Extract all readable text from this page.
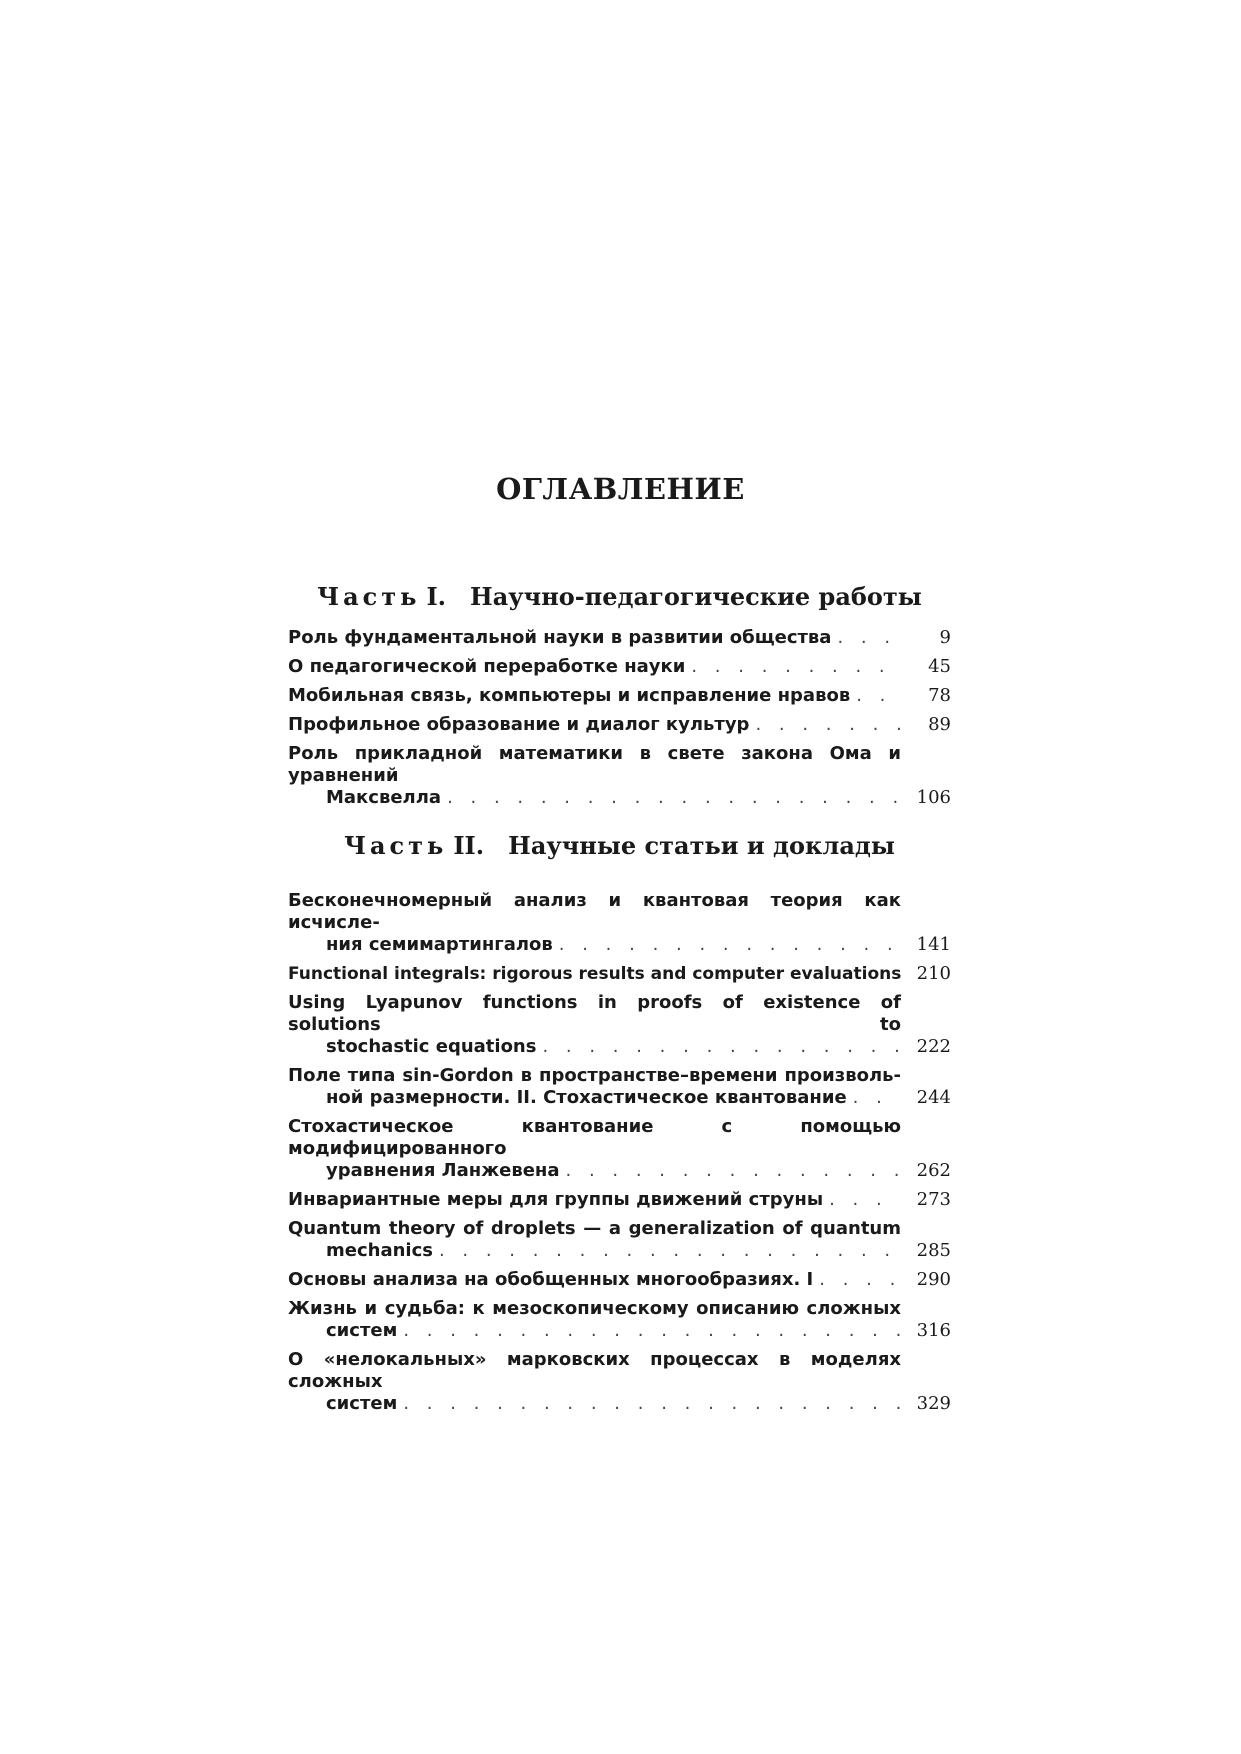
ОГЛАВЛЕНИЕ
Часть I. Научно-педагогические работы
Роль фундаментальной науки в развитии общества . . .	9
О педагогической переработке науки . . .	45
Мобильная связь, компьютеры и исправление нравов . . .	78
Профильное образование и диалог культур . . .	89
Роль прикладной математики в свете закона Ома и уравнений
Максвелла . . .	106
Часть II. Научные статьи и доклады
Бесконечномерный анализ и квантовая теория как исчисле-
ния семимартингалов . . .	141
Functional integrals: rigorous results and computer evaluations 210
Using Lyapunov functions in proofs of existence of solutions to
stochastic equations . . .	222
Поле типа sin-Gordon в пространстве–времени произволь-
ной размерности. II. Стохастическое квантование . . .	244
Стохастическое квантование с помощью модифицированного
уравнения Ланжевена . . .	262
Инвариантные меры для группы движений струны . . .	273
Quantum theory of droplets — a generalization of quantum
mechanics . . .	285
Основы анализа на обобщенных многообразиях. I . . .	290
Жизнь и судьба: к мезоскопическому описанию сложных
систем . . .	316
О «нелокальных» марковских процессах в моделях сложных
систем . . .	329
